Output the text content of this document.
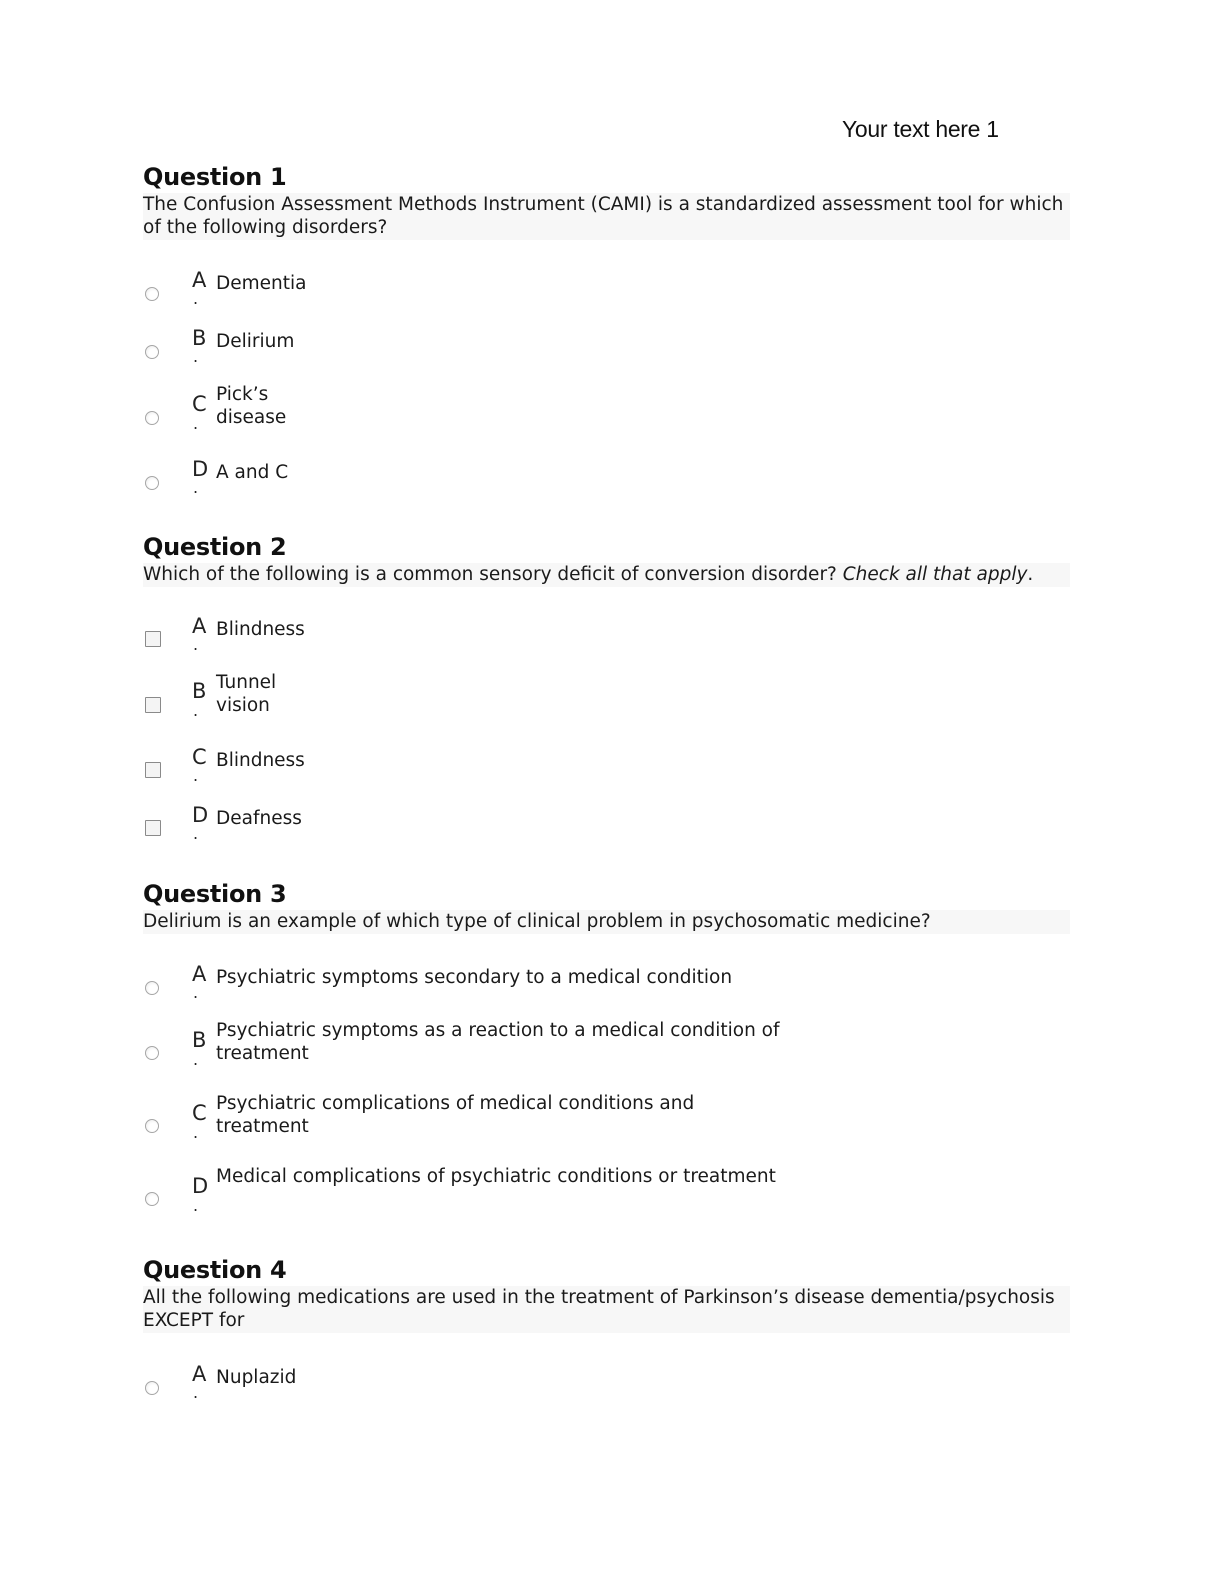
Your text here 1
Question 1
The Confusion Assessment Methods Instrument (CAMI) is a standardized assessment tool for which of the following disorders?
A
.
Dementia
B
.
Delirium
C
.
Pick’s disease
D
.
A and C
Question 2
Which of the following is a common sensory deficit of conversion disorder? Check all that apply.
A
.
Blindness
B
.
Tunnel vision
C
.
Blindness
D
.
Deafness
Question 3
Delirium is an example of which type of clinical problem in psychosomatic medicine?
A
.
Psychiatric symptoms secondary to a medical condition
B
.
Psychiatric symptoms as a reaction to a medical condition of treatment
C
.
Psychiatric complications of medical conditions and treatment
D
.
Medical complications of psychiatric conditions or treatment
Question 4
All the following medications are used in the treatment of Parkinson’s disease dementia/psychosis EXCEPT for
A
.
Nuplazid
